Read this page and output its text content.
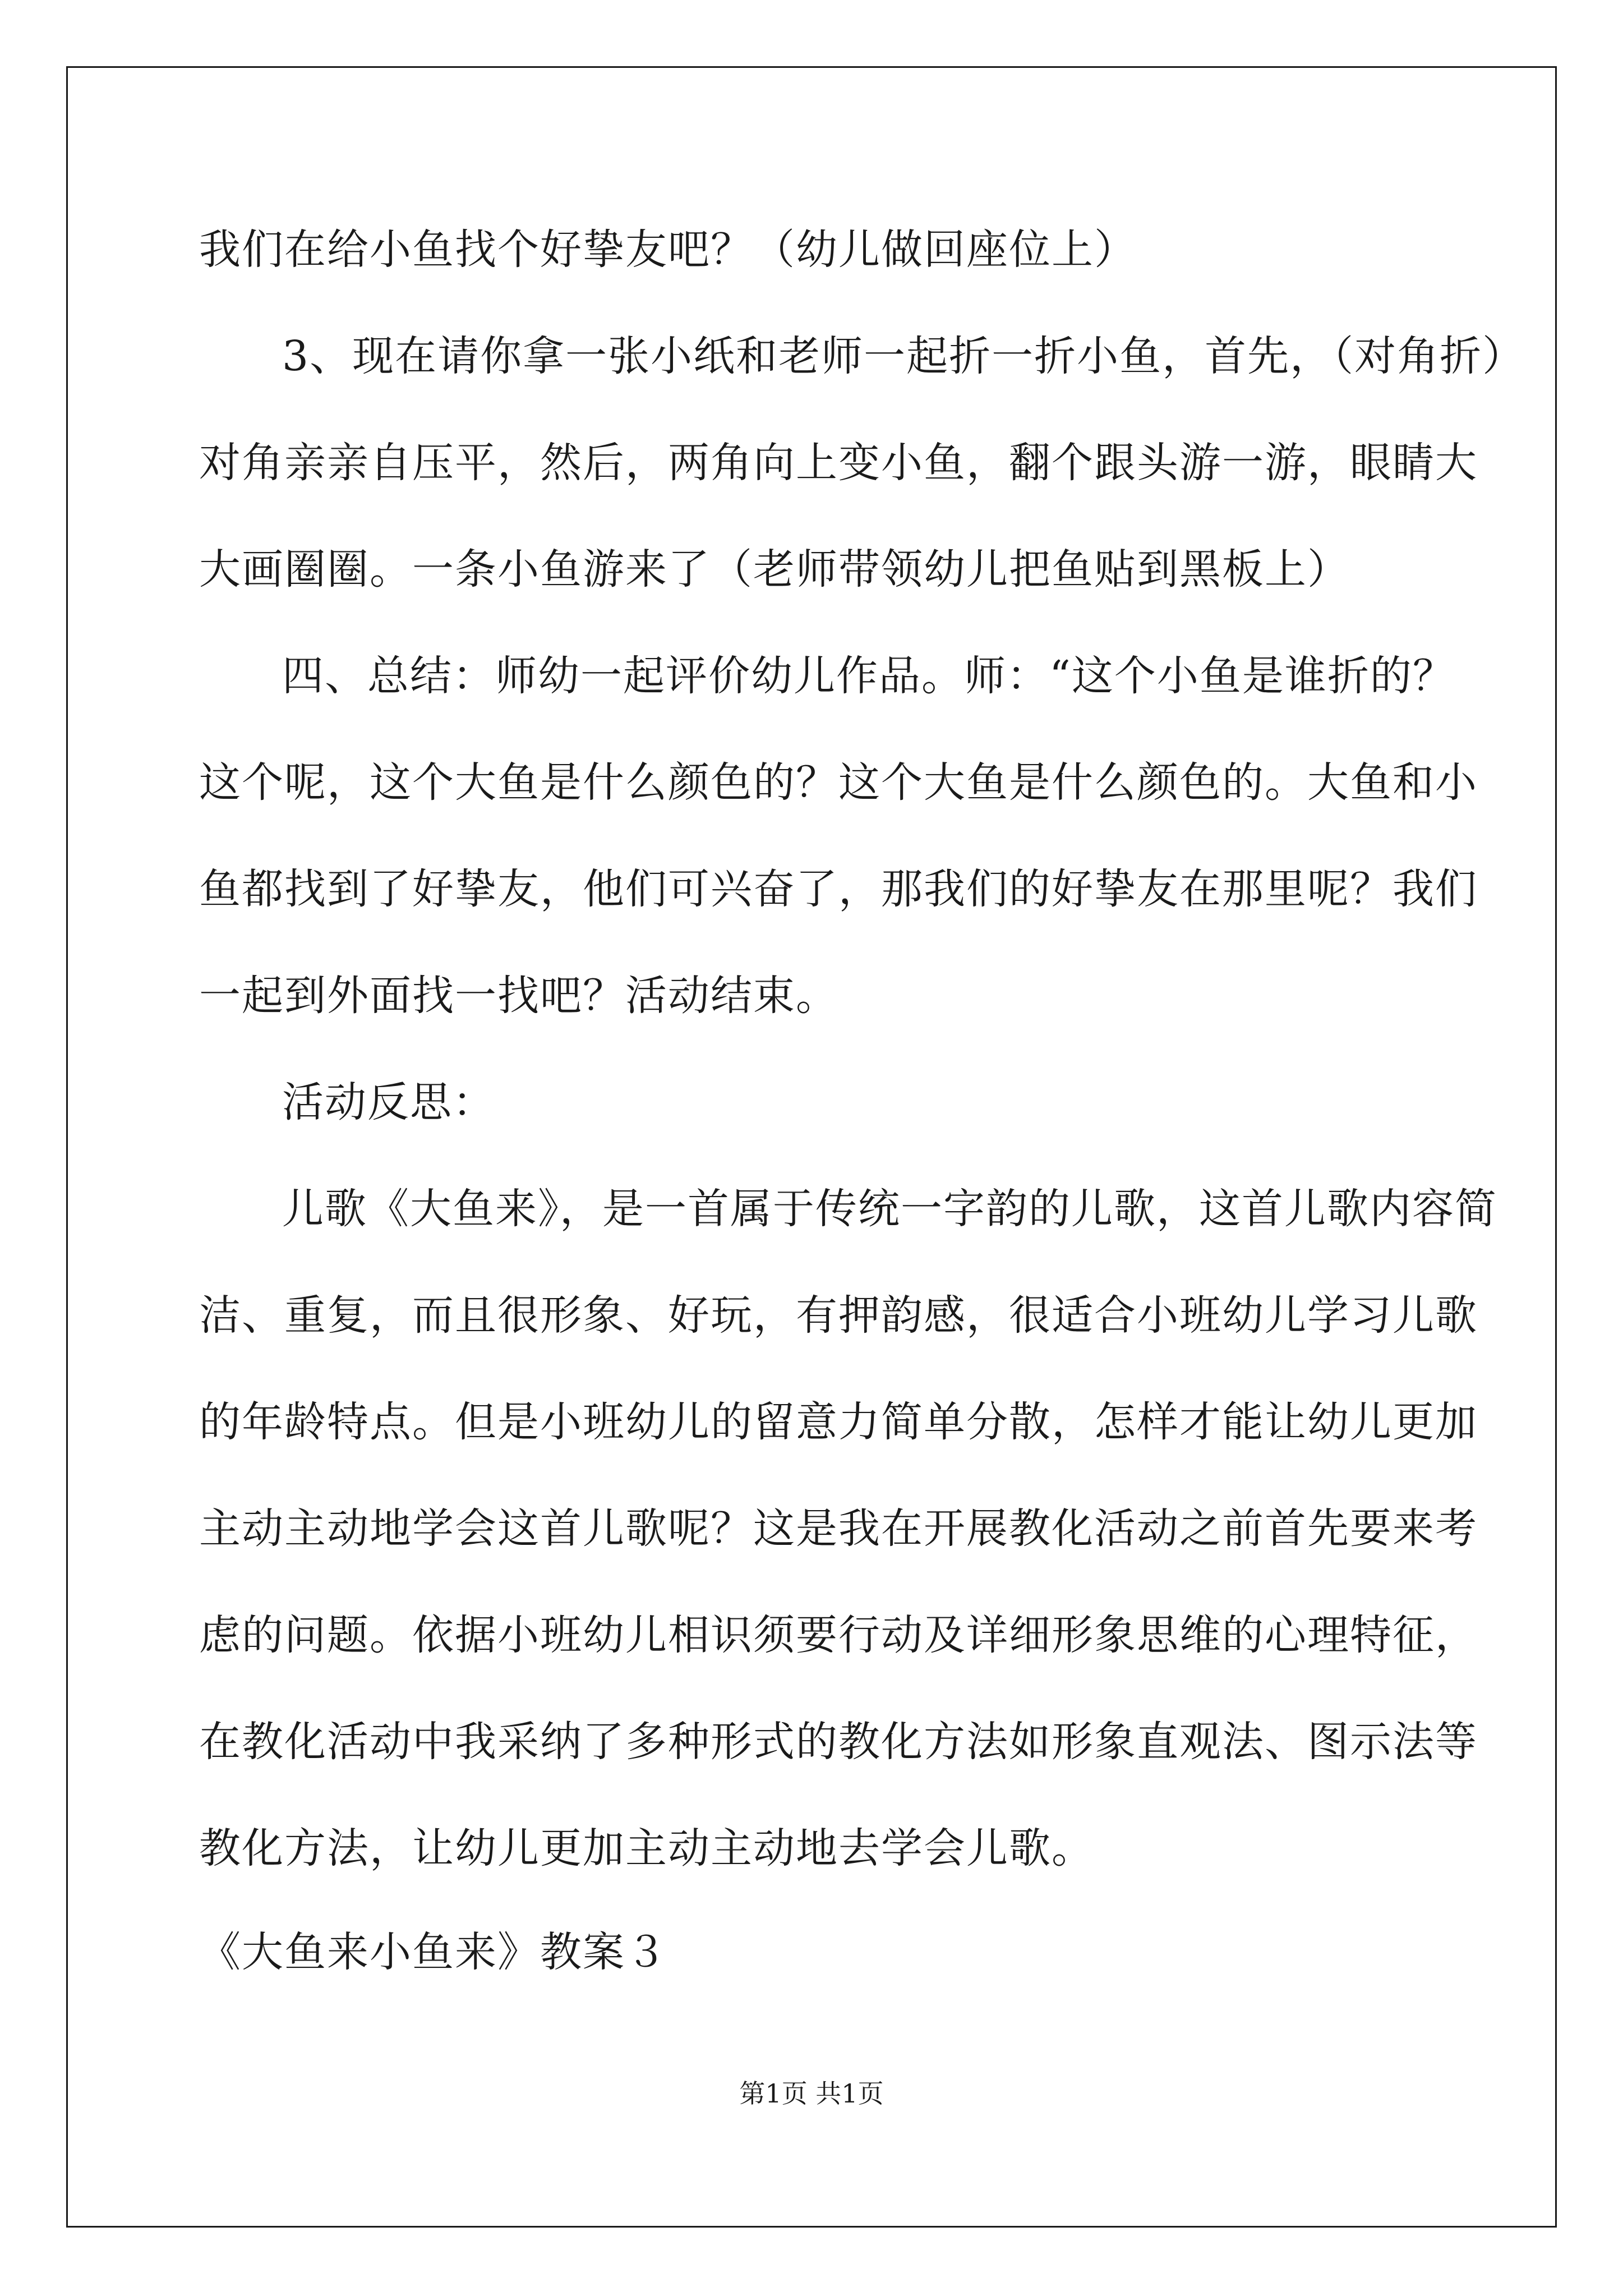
我们在给小鱼找个好挚友吧？（幼儿做回座位上）
3、现在请你拿一张小纸和老师一起折一折小鱼，首先，（对角折）
对角亲亲自压平，然后，两角向上变小鱼，翻个跟头游一游，眼睛大
大画圈圈。一条小鱼游来了（老师带领幼儿把鱼贴到黑板上）
四、总结：师幼一起评价幼儿作品。师：“这个小鱼是谁折的？
这个呢，这个大鱼是什么颜色的？这个大鱼是什么颜色的。大鱼和小
鱼都找到了好挚友，他们可兴奋了，那我们的好挚友在那里呢？我们
一起到外面找一找吧？活动结束。
活动反思：
儿歌《大鱼来》，是一首属于传统一字韵的儿歌，这首儿歌内容简
洁、重复，而且很形象、好玩，有押韵感，很适合小班幼儿学习儿歌
的年龄特点。但是小班幼儿的留意力简单分散，怎样才能让幼儿更加
主动主动地学会这首儿歌呢？这是我在开展教化活动之前首先要来考
虑的问题。依据小班幼儿相识须要行动及详细形象思维的心理特征，
在教化活动中我采纳了多种形式的教化方法如形象直观法、图示法等
教化方法，让幼儿更加主动主动地去学会儿歌。
《大鱼来小鱼来》教案３
第1页 共1页
